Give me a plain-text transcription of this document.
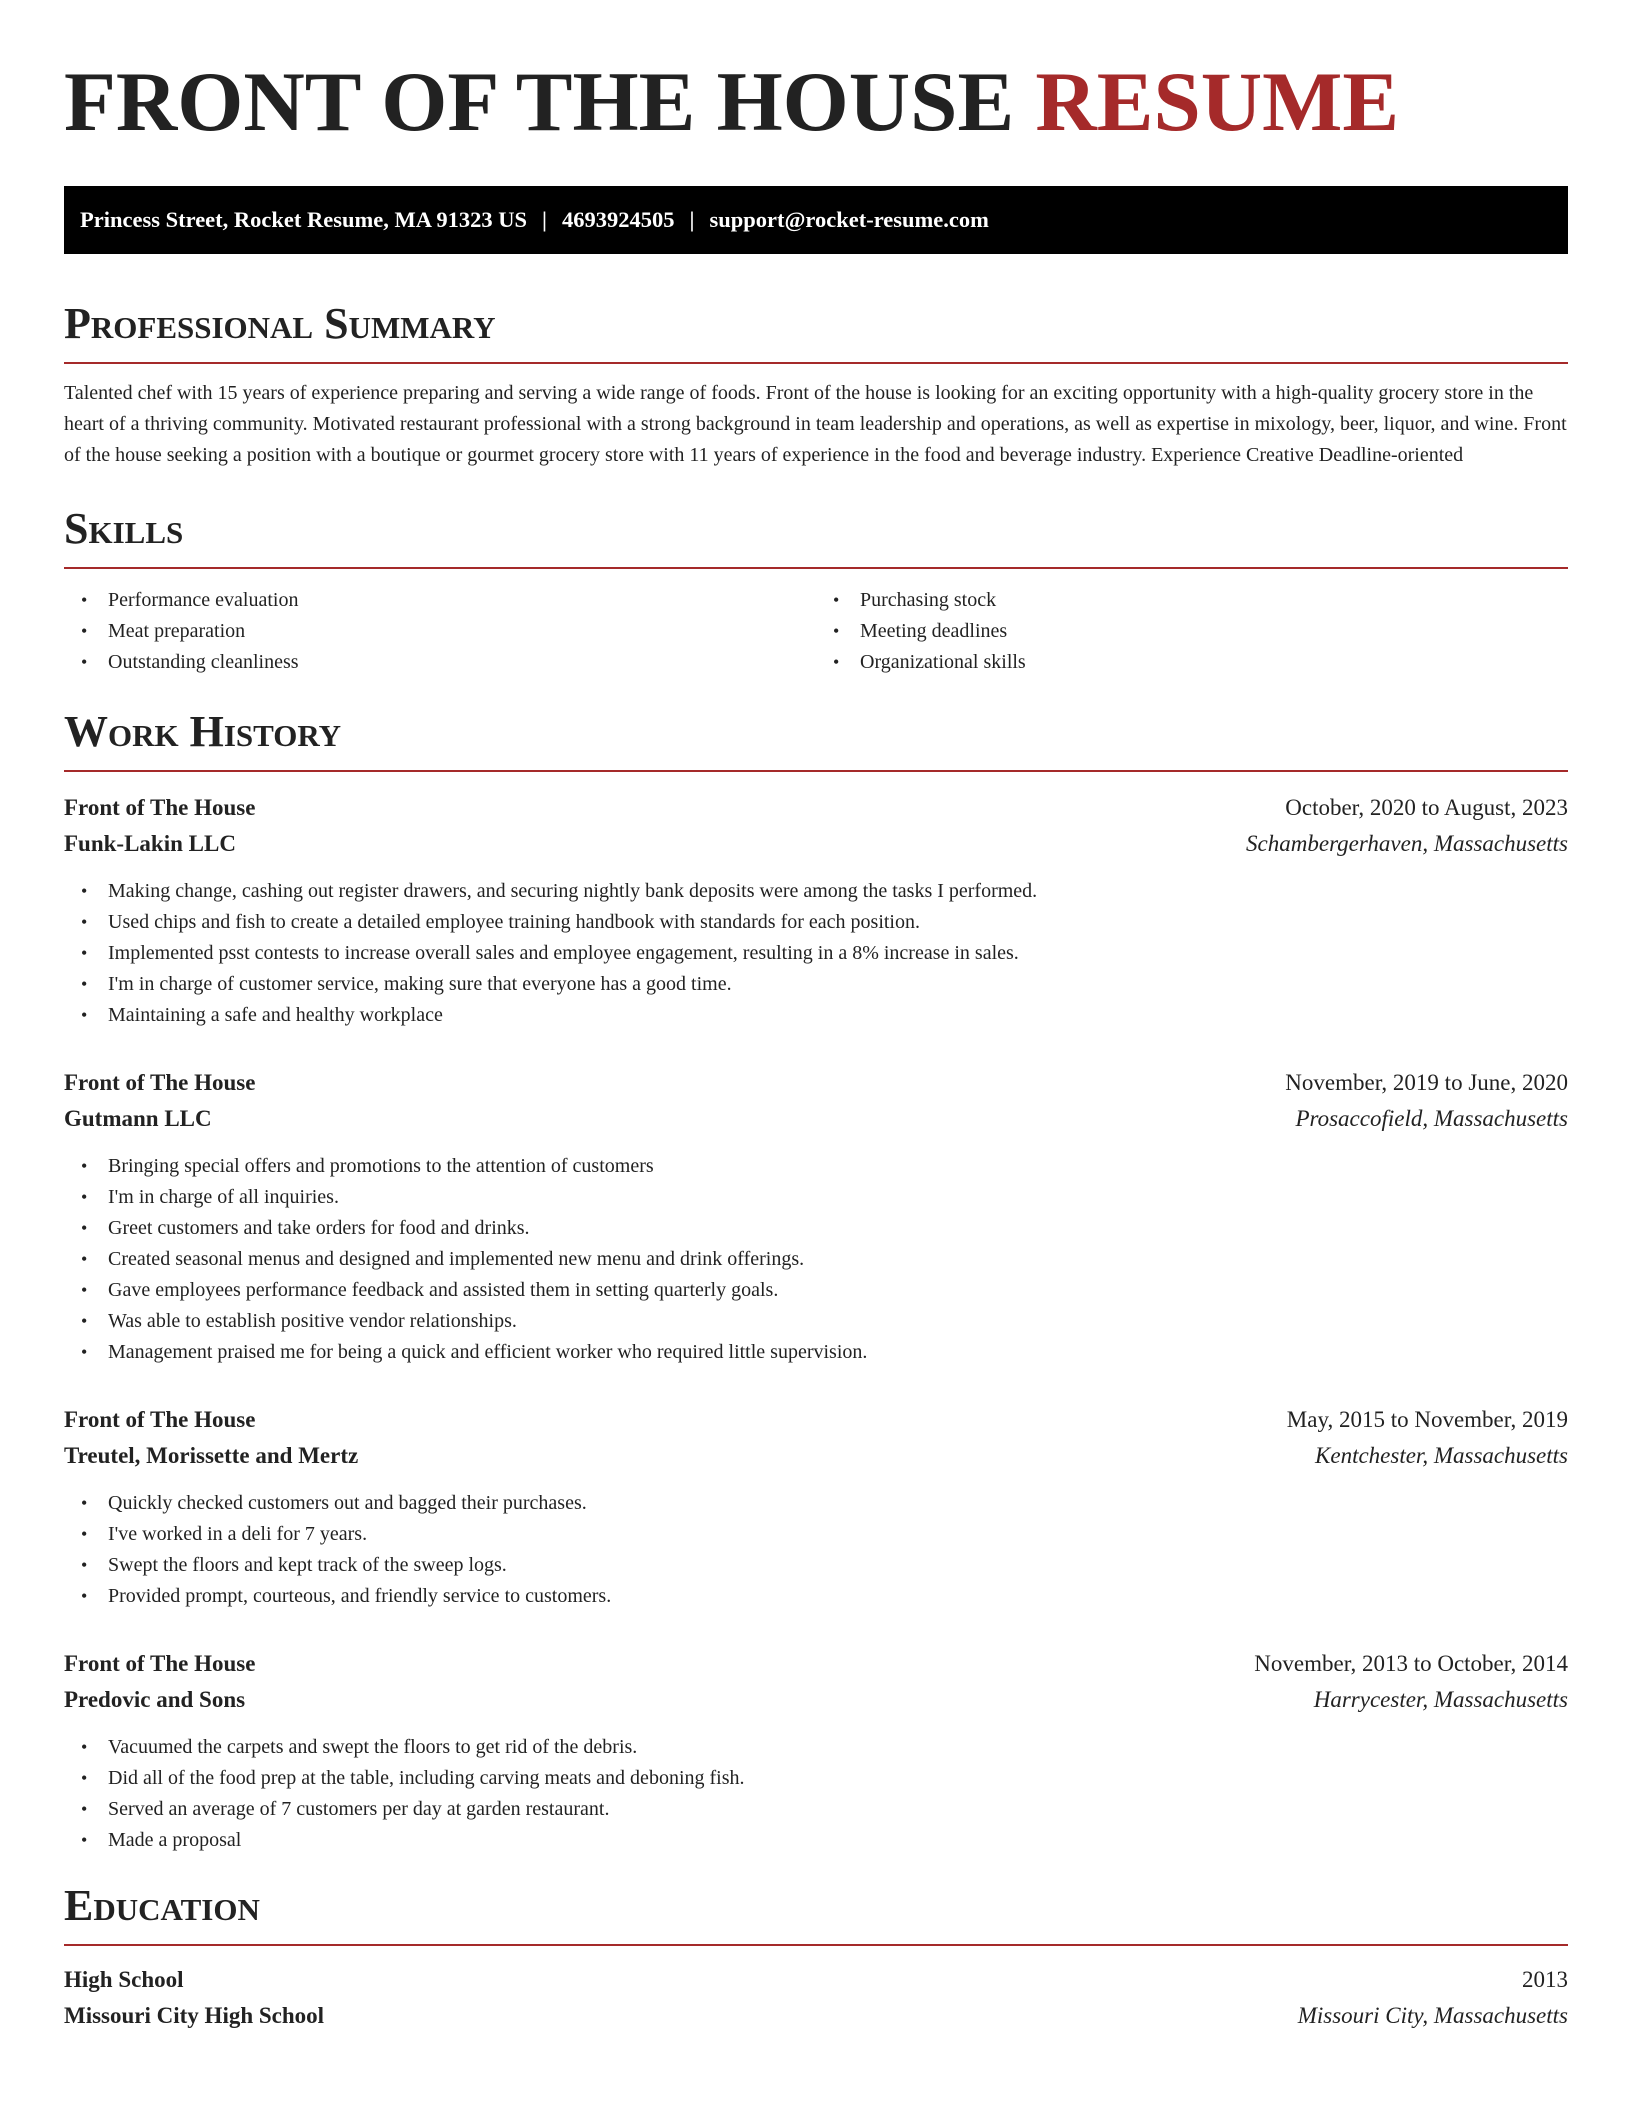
FRONT OF THE HOUSE RESUME
Princess Street, Rocket Resume, MA 91323 US | 4693924505 | support@rocket-resume.com
Professional Summary

Talented chef with 15 years of experience preparing and serving a wide range of foods. Front of the house is looking for an exciting opportunity with a high-quality grocery store in the heart of a thriving community. Motivated restaurant professional with a strong background in team leadership and operations, as well as expertise in mixology, beer, liquor, and wine. Front of the house seeking a position with a boutique or gourmet grocery store with 11 years of experience in the food and beverage industry. Experience Creative Deadline-oriented

Skills
• Performance evaluation
• Meat preparation
• Outstanding cleanliness
• Purchasing stock
• Meeting deadlines
• Organizational skills
Work History
Front of The House	October, 2020 to August, 2023
Funk-Lakin LLC	Schambergerhaven, Massachusetts
• Making change, cashing out register drawers, and securing nightly bank deposits were among the tasks I performed.
• Used chips and fish to create a detailed employee training handbook with standards for each position.
• Implemented psst contests to increase overall sales and employee engagement, resulting in a 8% increase in sales.
• I'm in charge of customer service, making sure that everyone has a good time.
• Maintaining a safe and healthy workplace
Front of The House	November, 2019 to June, 2020
Gutmann LLC	Prosaccofield, Massachusetts
• Bringing special offers and promotions to the attention of customers
• I'm in charge of all inquiries.
• Greet customers and take orders for food and drinks.
• Created seasonal menus and designed and implemented new menu and drink offerings.
• Gave employees performance feedback and assisted them in setting quarterly goals.
• Was able to establish positive vendor relationships.
• Management praised me for being a quick and efficient worker who required little supervision.
Front of The House	May, 2015 to November, 2019
Treutel, Morissette and Mertz	Kentchester, Massachusetts
• Quickly checked customers out and bagged their purchases.
• I've worked in a deli for 7 years.
• Swept the floors and kept track of the sweep logs.
• Provided prompt, courteous, and friendly service to customers.
Front of The House	November, 2013 to October, 2014
Predovic and Sons	Harrycester, Massachusetts
• Vacuumed the carpets and swept the floors to get rid of the debris.
• Did all of the food prep at the table, including carving meats and deboning fish.
• Served an average of 7 customers per day at garden restaurant.
• Made a proposal
Education
High School	2013
Missouri City High School	Missouri City, Massachusetts
